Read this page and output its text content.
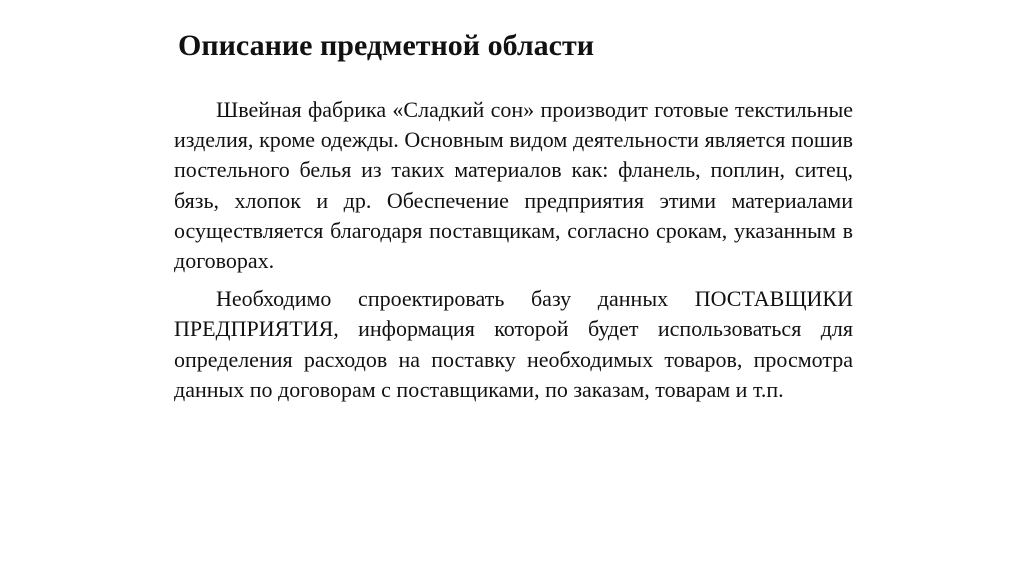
Описание предметной области

Швейная фабрика «Сладкий сон» производит готовые текстильные изделия, кроме одежды. Основным видом деятельности является пошив постельного белья из таких материалов как: фланель, поплин, ситец, бязь, хлопок и др. Обеспечение предприятия этими материалами осуществляется благодаря поставщикам, согласно срокам, указанным в договорах.

Необходимо спроектировать базу данных ПОСТАВЩИКИ ПРЕДПРИЯТИЯ, информация которой будет использоваться для определения расходов на поставку необходимых товаров, просмотра данных по договорам с поставщиками, по заказам, товарам и т.п.
